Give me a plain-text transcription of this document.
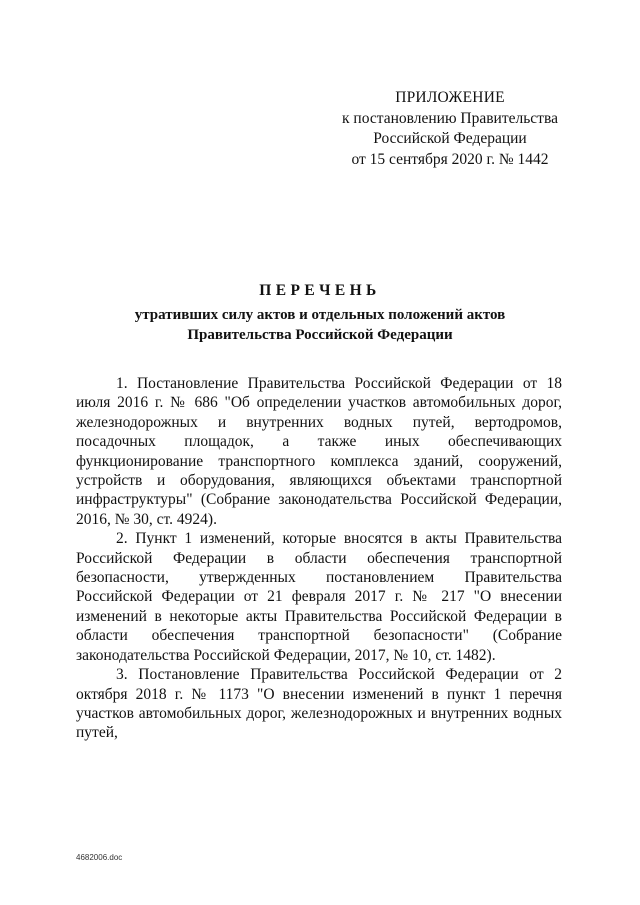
ПРИЛОЖЕНИЕ
к постановлению Правительства
Российской Федерации
от 15 сентября 2020 г. № 1442
ПЕРЕЧЕНЬ
утративших силу актов и отдельных положений актов
Правительства Российской Федерации

1. Постановление Правительства Российской Федерации от 18 июля 2016 г. № 686 "Об определении участков автомобильных дорог, железнодорожных и внутренних водных путей, вертодромов, посадочных площадок, а также иных обеспечивающих функционирование транспортного комплекса зданий, сооружений, устройств и оборудования, являющихся объектами транспортной инфраструктуры" (Собрание законодательства Российской Федерации, 2016, № 30, ст. 4924).

2. Пункт 1 изменений, которые вносятся в акты Правительства Российской Федерации в области обеспечения транспортной безопасности, утвержденных постановлением Правительства Российской Федерации от 21 февраля 2017 г. № 217 "О внесении изменений в некоторые акты Правительства Российской Федерации в области обеспечения транспортной безопасности" (Собрание законодательства Российской Федерации, 2017, № 10, ст. 1482).

3. Постановление Правительства Российской Федерации от 2 октября 2018 г. № 1173 "О внесении изменений в пункт 1 перечня участков автомобильных дорог, железнодорожных и внутренних водных путей,

4682006.doc
